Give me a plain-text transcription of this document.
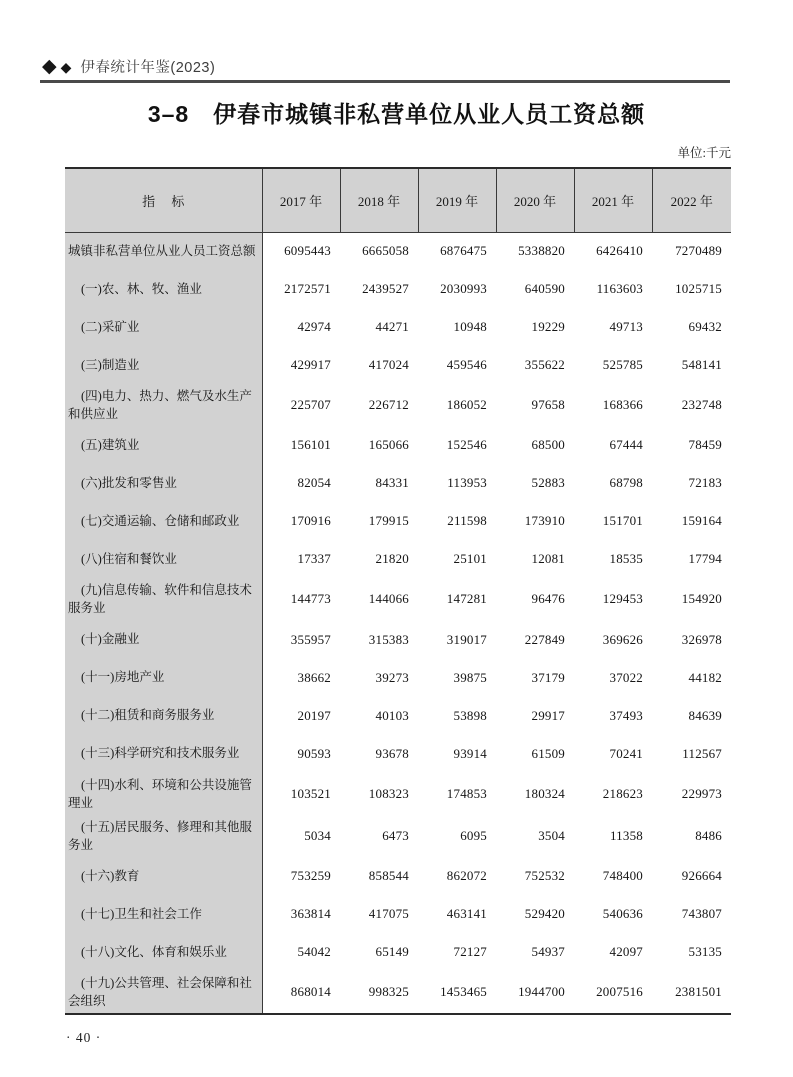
◆ ◆ 伊春统计年鉴(2023)
3–8　伊春市城镇非私营单位从业人员工资总额
单位:千元
指　 标	2017 年	2018 年	2019 年	2020 年	2021 年	2022 年
城镇非私营单位从业人员工资总额	6095443	6665058	6876475	5338820	6426410	7270489
(一)农、林、牧、渔业	2172571	2439527	2030993	640590	1163603	1025715
(二)采矿业	42974	44271	10948	19229	49713	69432
(三)制造业	429917	417024	459546	355622	525785	548141
(四)电力、热力、燃气及水生产和供应业	225707	226712	186052	97658	168366	232748
(五)建筑业	156101	165066	152546	68500	67444	78459
(六)批发和零售业	82054	84331	113953	52883	68798	72183
(七)交通运输、仓储和邮政业	170916	179915	211598	173910	151701	159164
(八)住宿和餐饮业	17337	21820	25101	12081	18535	17794
(九)信息传输、软件和信息技术服务业	144773	144066	147281	96476	129453	154920
(十)金融业	355957	315383	319017	227849	369626	326978
(十一)房地产业	38662	39273	39875	37179	37022	44182
(十二)租赁和商务服务业	20197	40103	53898	29917	37493	84639
(十三)科学研究和技术服务业	90593	93678	93914	61509	70241	112567
(十四)水利、环境和公共设施管理业	103521	108323	174853	180324	218623	229973
(十五)居民服务、修理和其他服务业	5034	6473	6095	3504	11358	8486
(十六)教育	753259	858544	862072	752532	748400	926664
(十七)卫生和社会工作	363814	417075	463141	529420	540636	743807
(十八)文化、体育和娱乐业	54042	65149	72127	54937	42097	53135
(十九)公共管理、社会保障和社会组织	868014	998325	1453465	1944700	2007516	2381501
· 40 ·
